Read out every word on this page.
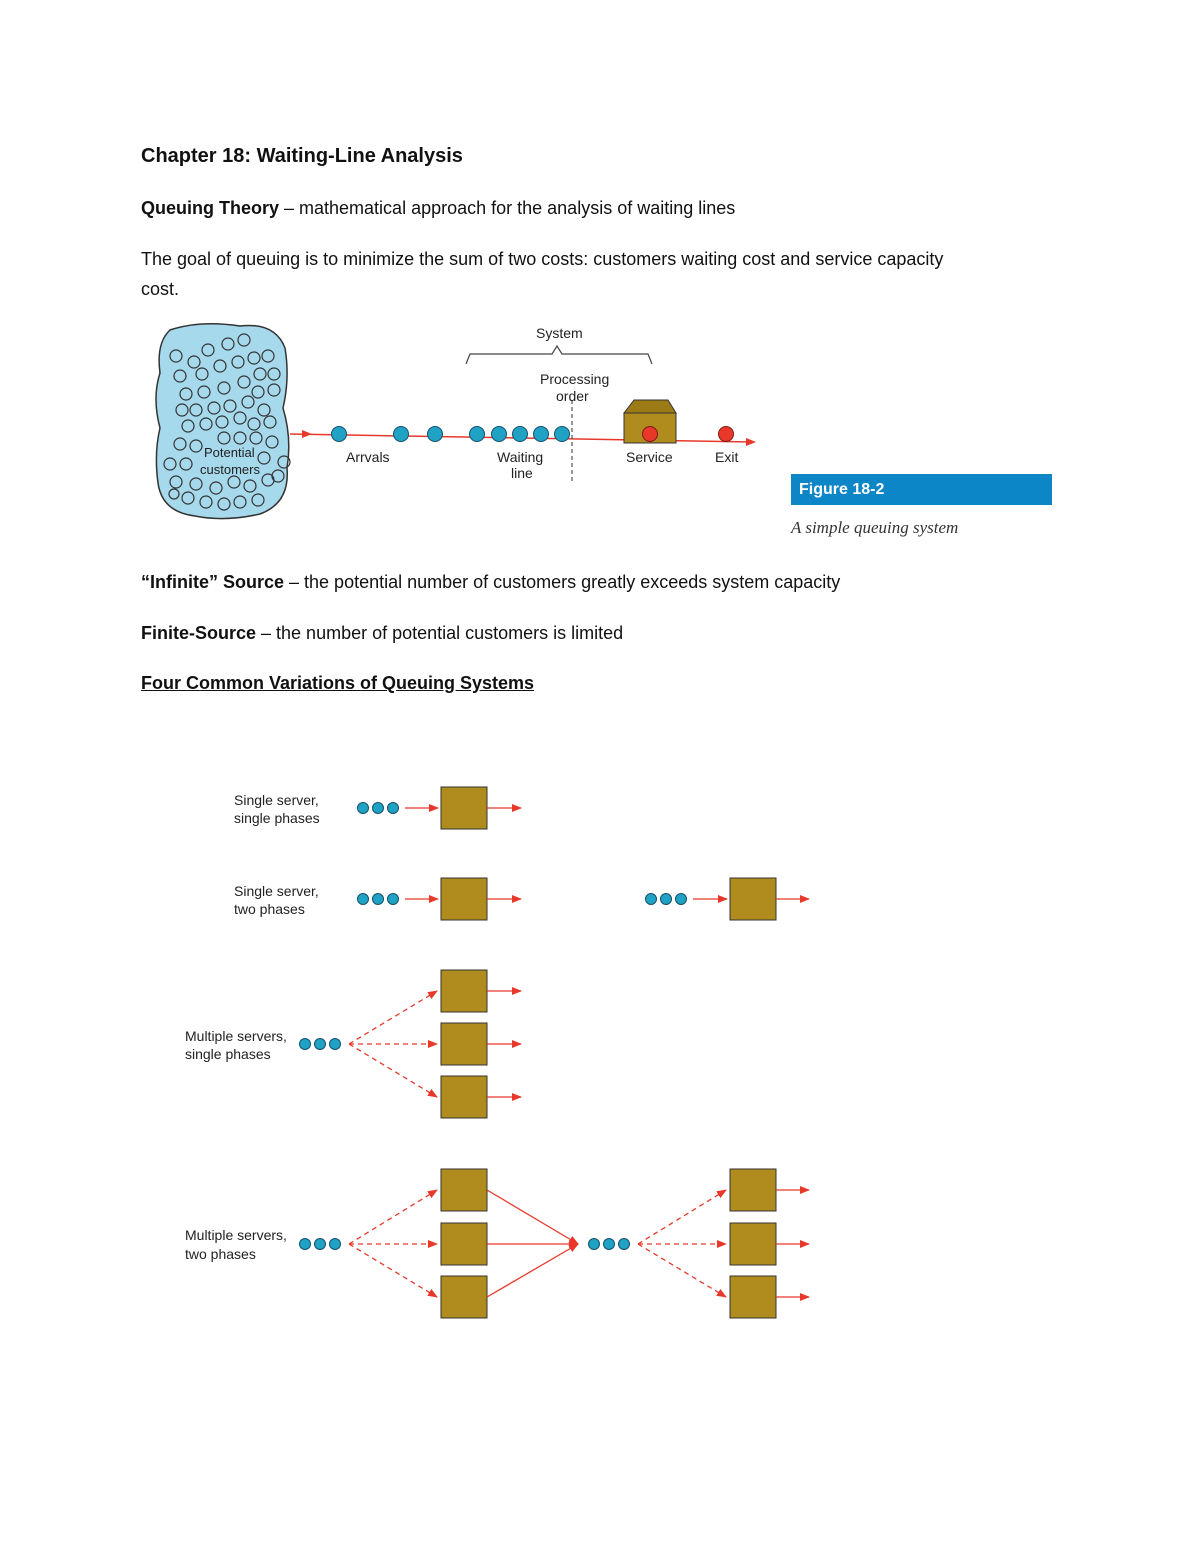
Chapter 18: Waiting-Line Analysis

Queuing Theory – mathematical approach for the analysis of waiting lines

The goal of queuing is to minimize the sum of two costs: customers waiting cost and service capacity

cost.

Potential
customers
System
Processing
order
Arrvals	Waiting
line
Service	Exit
Figure 18-2
A simple queuing system

“Infinite” Source – the potential number of customers greatly exceeds system capacity

Finite-Source – the number of potential customers is limited

Four Common Variations of Queuing Systems

Single server,
single phases
Single server,
two phases
Multiple servers,
single phases
Multiple servers,
two phases
